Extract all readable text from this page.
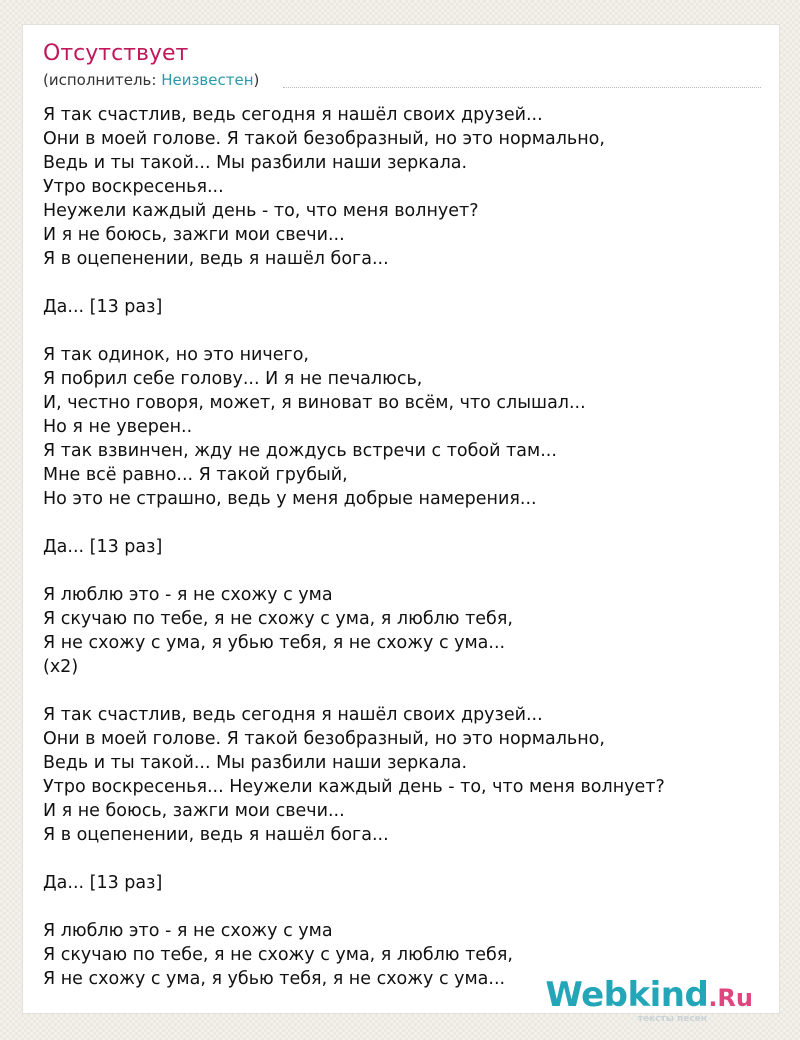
Отсутствует
(исполнитель: Неизвестен)
Я так счастлив, ведь сегодня я нашёл своих друзей...
Они в моей голове. Я такой безобразный, но это нормально,
Ведь и ты такой... Мы разбили наши зеркала.
Утро воскресенья...
Неужели каждый день - то, что меня волнует?
И я не боюсь, зажги мои свечи...
Я в оцепенении, ведь я нашёл бога...
Да... [13 раз]
Я так одинок, но это ничего,
Я побрил себе голову... И я не печалюсь,
И, честно говоря, может, я виноват во всём, что слышал...
Но я не уверен..
Я так взвинчен, жду не дождусь встречи с тобой там...
Мне всё равно... Я такой грубый,
Но это не страшно, ведь у меня добрые намерения...
Да... [13 раз]
Я люблю это - я не схожу с ума
Я скучаю по тебе, я не схожу с ума, я люблю тебя,
Я не схожу с ума, я убью тебя, я не схожу с ума...
(x2)
Я так счастлив, ведь сегодня я нашёл своих друзей...
Они в моей голове. Я такой безобразный, но это нормально,
Ведь и ты такой... Мы разбили наши зеркала.
Утро воскресенья... Неужели каждый день - то, что меня волнует?
И я не боюсь, зажги мои свечи...
Я в оцепенении, ведь я нашёл бога...
Да... [13 раз]
Я люблю это - я не схожу с ума
Я скучаю по тебе, я не схожу с ума, я люблю тебя,
Я не схожу с ума, я убью тебя, я не схожу с ума...	Webkind.Ru
тексты песен
